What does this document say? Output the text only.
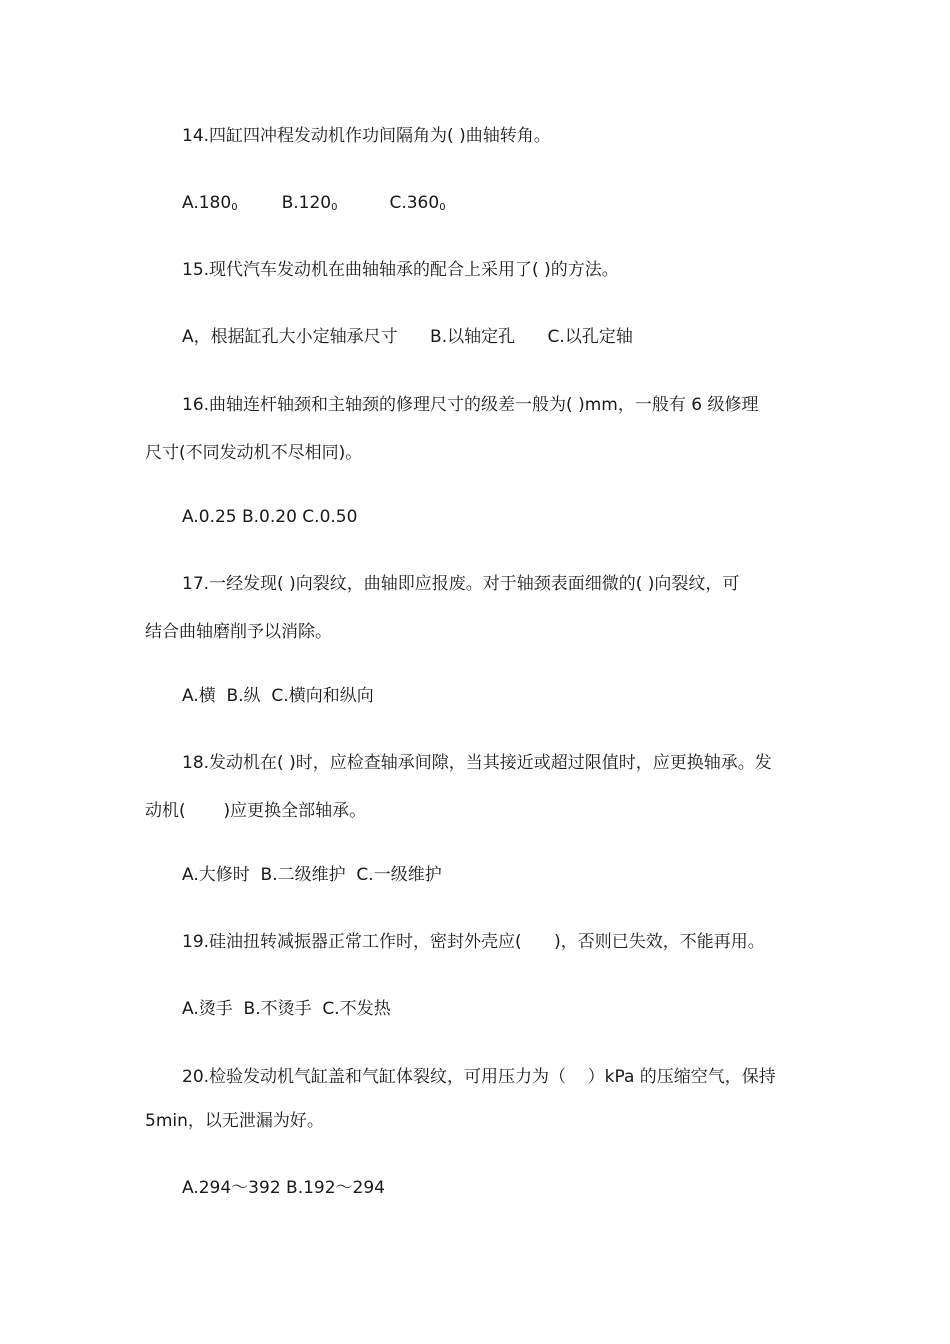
14.四缸四冲程发动机作功间隔角为( )曲轴转角。
$A.180_0$	$B.120_0$	$C.360_0$
15.现代汽车发动机在曲轴轴承的配合上采用了( )的方法。
A，根据缸孔大小定轴承尺寸      B.以轴定孔      C.以孔定轴
16.曲轴连杆轴颈和主轴颈的修理尺寸的级差一般为( )mm，一般有 6 级修理
尺寸(不同发动机不尽相同)。
A.0.25 B.0.20 C.0.50
17.一经发现( )向裂纹，曲轴即应报废。对于轴颈表面细微的( )向裂纹，可
结合曲轴磨削予以消除。
A.横  B.纵  C.横向和纵向
18.发动机在( )时，应检查轴承间隙，当其接近或超过限值时，应更换轴承。发
动机(       )应更换全部轴承。
A.大修时  B.二级维护  C.一级维护
19.硅油扭转减振器正常工作时，密封外壳应(      )，否则已失效，不能再用。
A.烫手  B.不烫手  C.不发热
20.检验发动机气缸盖和气缸体裂纹，可用压力为（    ）kPa 的压缩空气，保持
5min，以无泄漏为好。
A.294～392 B.192～294
